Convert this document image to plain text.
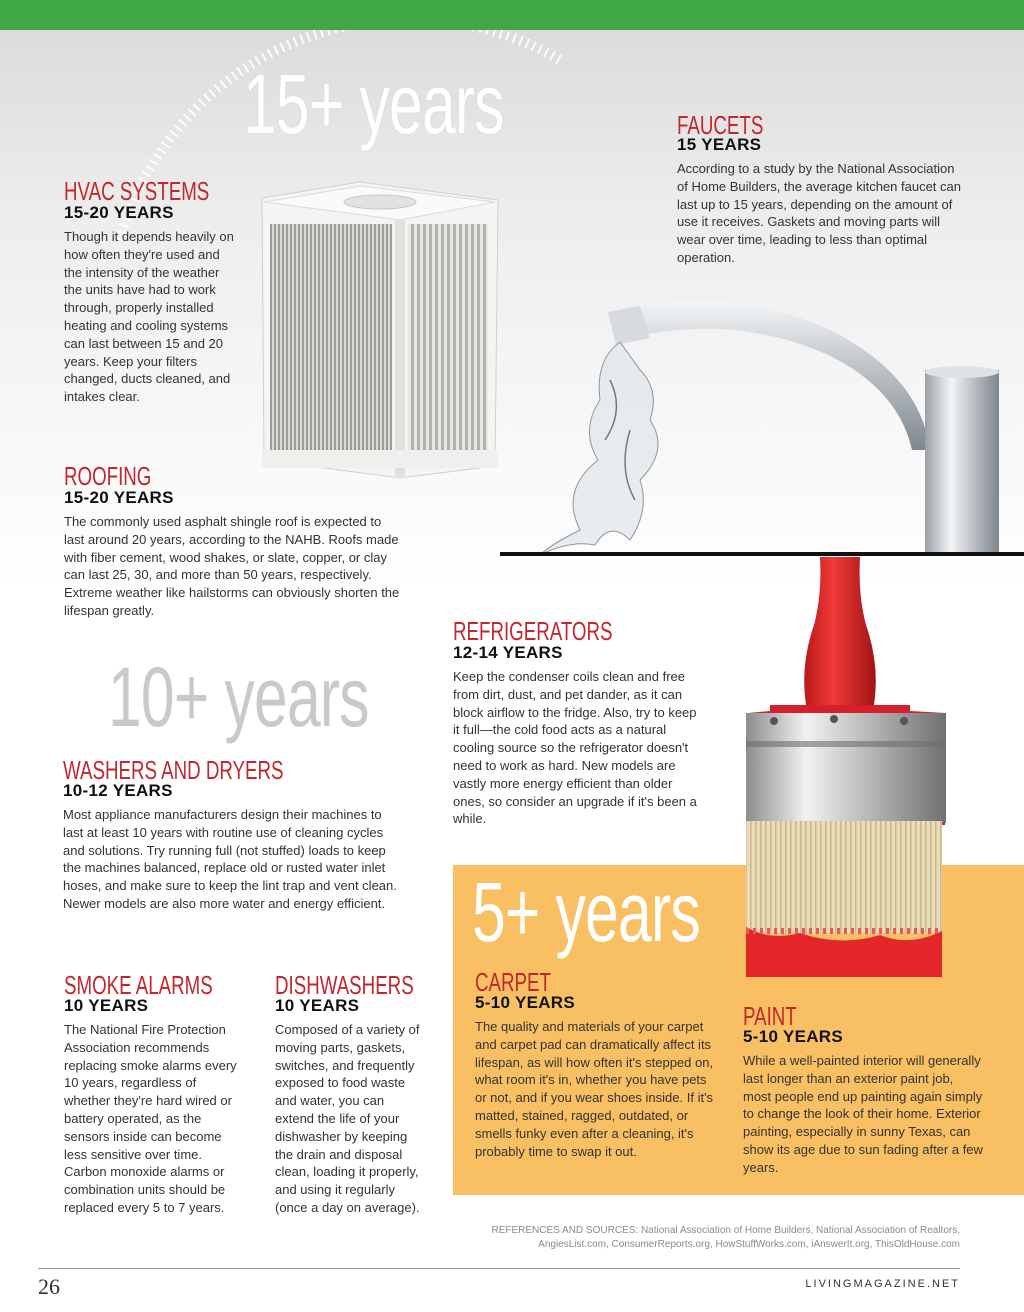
15+ years
HVAC SYSTEMS
15-20 YEARS
Though it depends heavily on how often they're used and the intensity of the weather the units have had to work through, properly installed heating and cooling systems can last between 15 and 20 years. Keep your filters changed, ducts cleaned, and intakes clear.
FAUCETS
15 YEARS
According to a study by the National Association of Home Builders, the average kitchen faucet can last up to 15 years, depending on the amount of use it receives. Gaskets and moving parts will wear over time, leading to less than optimal operation.
ROOFING
15-20 YEARS
The commonly used asphalt shingle roof is expected to last around 20 years, according to the NAHB. Roofs made with fiber cement, wood shakes, or slate, copper, or clay can last 25, 30, and more than 50 years, respectively. Extreme weather like hailstorms can obviously shorten the lifespan greatly.
REFRIGERATORS
12-14 YEARS
Keep the condenser coils clean and free from dirt, dust, and pet dander, as it can block airflow to the fridge. Also, try to keep it full—the cold food acts as a natural cooling source so the refrigerator doesn't need to work as hard. New models are vastly more energy efficient than older ones, so consider an upgrade if it's been a while.
10+ years
WASHERS AND DRYERS
10-12 YEARS
Most appliance manufacturers design their machines to last at least 10 years with routine use of cleaning cycles and solutions. Try running full (not stuffed) loads to keep the machines balanced, replace old or rusted water inlet hoses, and make sure to keep the lint trap and vent clean. Newer models are also more water and energy efficient. 5+ years
SMOKE ALARMS
10 YEARS
The National Fire Protection Association recommends replacing smoke alarms every 10 years, regardless of whether they're hard wired or battery operated, as the sensors inside can become less sensitive over time. Carbon monoxide alarms or combination units should be replaced every 5 to 7 years.
DISHWASHERS
10 YEARS
Composed of a variety of moving parts, gaskets, switches, and frequently exposed to food waste and water, you can extend the life of your dishwasher by keeping the drain and disposal clean, loading it properly, and using it regularly (once a day on average).
CARPET
5-10 YEARS
The quality and materials of your carpet and carpet pad can dramatically affect its lifespan, as will how often it's stepped on, what room it's in, whether you have pets or not, and if you wear shoes inside. If it's matted, stained, ragged, outdated, or smells funky even after a cleaning, it's probably time to swap it out.
PAINT
5-10 YEARS
While a well-painted interior will generally last longer than an exterior paint job, most people end up painting again simply to change the look of their home. Exterior painting, especially in sunny Texas, can show its age due to sun fading after a few years.
REFERENCES AND SOURCES: National Association of Home Builders, National Association of Realtors, AngiesList.com, ConsumerReports.org, HowStuffWorks.com, iAnswerIt.org, ThisOldHouse.com
26	LIVINGMAGAZINE.NET
